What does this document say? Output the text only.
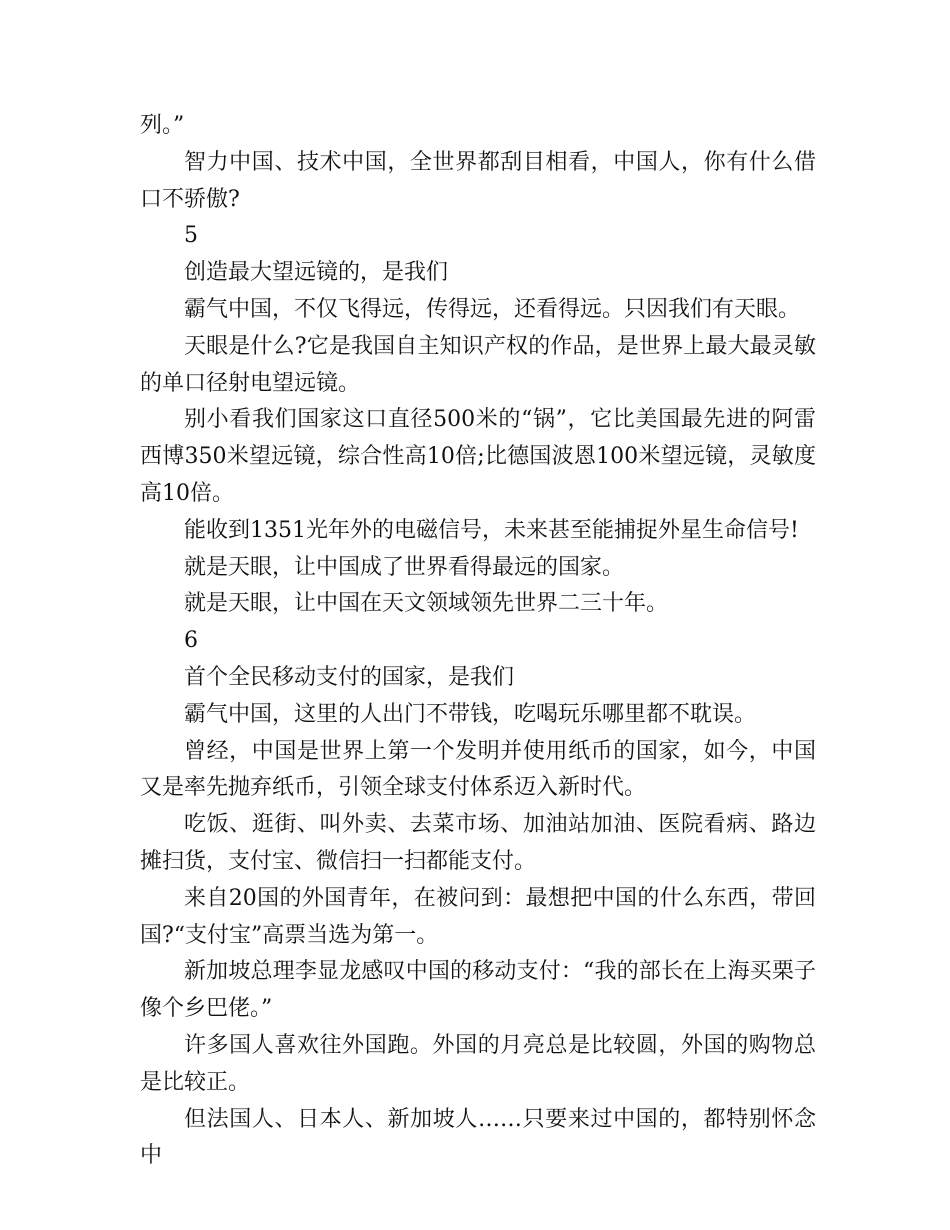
列。”

智力中国、技术中国，全世界都刮目相看，中国人，你有什么借口不骄傲?

5

创造最大望远镜的，是我们

霸气中国，不仅飞得远，传得远，还看得远。只因我们有天眼。

天眼是什么?它是我国自主知识产权的作品，是世界上最大最灵敏的单口径射电望远镜。

别小看我们国家这口直径500米的“锅”，它比美国最先进的阿雷西博350米望远镜，综合性高10倍;比德国波恩100米望远镜，灵敏度高10倍。

能收到1351光年外的电磁信号，未来甚至能捕捉外星生命信号!

就是天眼，让中国成了世界看得最远的国家。

就是天眼，让中国在天文领域领先世界二三十年。

6

首个全民移动支付的国家，是我们

霸气中国，这里的人出门不带钱，吃喝玩乐哪里都不耽误。

曾经，中国是世界上第一个发明并使用纸币的国家，如今，中国又是率先抛弃纸币，引领全球支付体系迈入新时代。

吃饭、逛街、叫外卖、去菜市场、加油站加油、医院看病、路边摊扫货，支付宝、微信扫一扫都能支付。

来自20国的外国青年，在被问到：最想把中国的什么东西，带回国?“支付宝”高票当选为第一。

新加坡总理李显龙感叹中国的移动支付：“我的部长在上海买栗子像个乡巴佬。”

许多国人喜欢往外国跑。外国的月亮总是比较圆，外国的购物总是比较正。

但法国人、日本人、新加坡人……只要来过中国的，都特别怀念中
